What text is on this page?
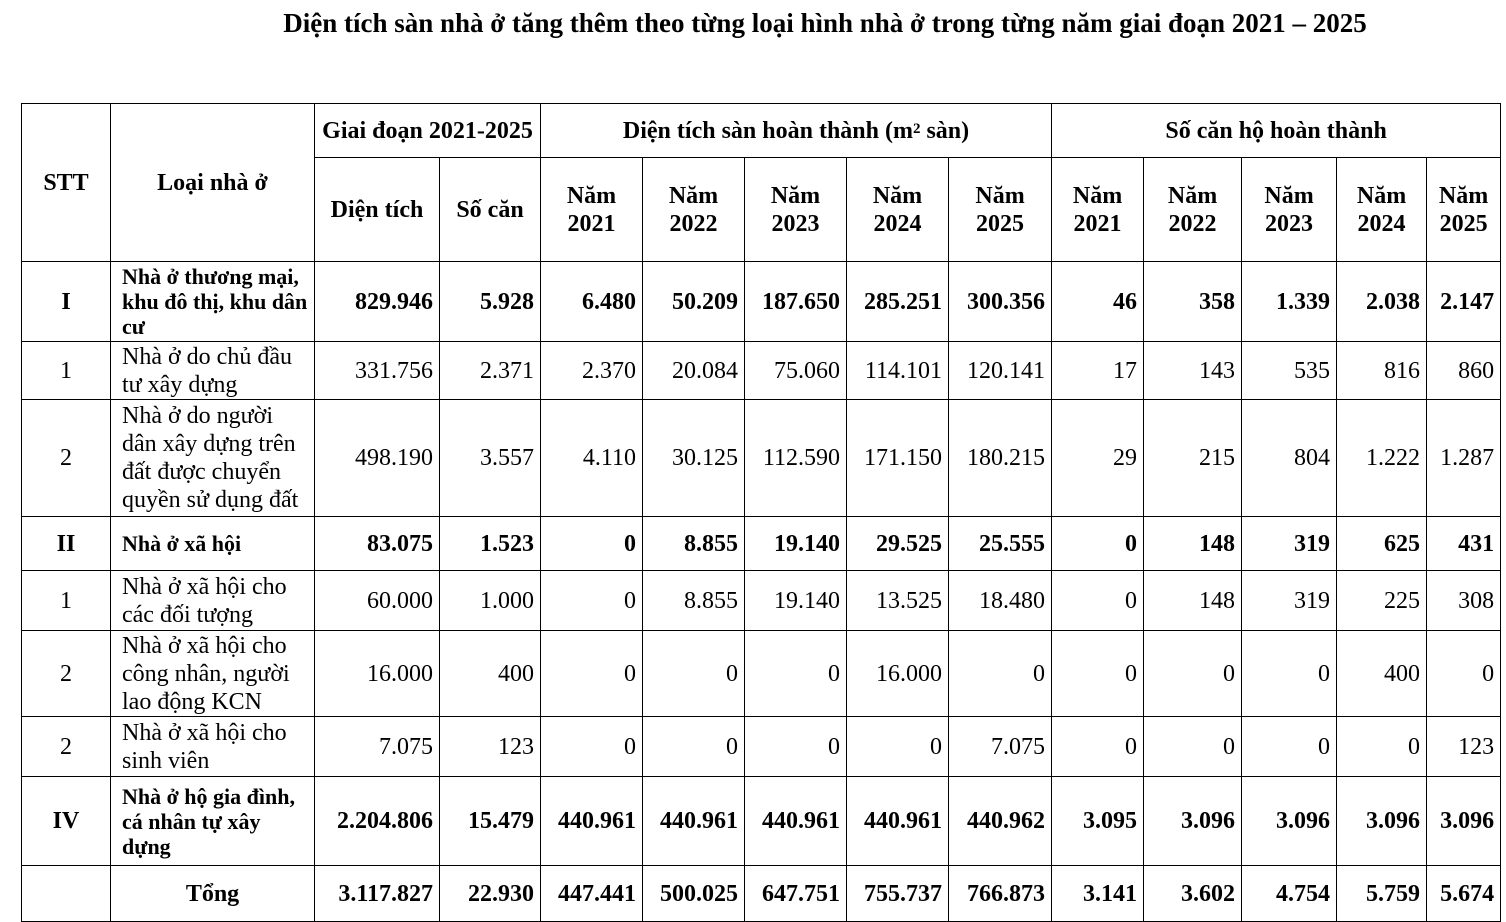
Diện tích sàn nhà ở tăng thêm theo từng loại hình nhà ở trong từng năm giai đoạn 2021 – 2025
STT	Loại nhà ở	Giai đoạn 2021-2025		Diện tích sàn hoàn thành ($m^2$ sàn)					Số căn hộ hoàn thành				
		Diện tích	Số căn	Năm 2021	Năm 2022	Năm 2023	Năm 2024	Năm 2025	Năm 2021	Năm 2022	Năm 2023	Năm 2024	Năm 2025
I	Nhà ở thương mại, khu đô thị, khu dân cư	829.946	5.928	6.480	50.209	187.650	285.251	300.356	46	358	1.339	2.038	2.147
1	Nhà ở do chủ đầu tư xây dựng	331.756	2.371	2.370	20.084	75.060	114.101	120.141	17	143	535	816	860
2	Nhà ở do người dân xây dựng trên đất được chuyển quyền sử dụng đất	498.190	3.557	4.110	30.125	112.590	171.150	180.215	29	215	804	1.222	1.287
II	Nhà ở xã hội	83.075	1.523	0	8.855	19.140	29.525	25.555	0	148	319	625	431
1	Nhà ở xã hội cho các đối tượng	60.000	1.000	0	8.855	19.140	13.525	18.480	0	148	319	225	308
2	Nhà ở xã hội cho công nhân, người lao động KCN	16.000	400	0	0	0	16.000	0	0	0	0	400	0
2	Nhà ở xã hội cho sinh viên	7.075	123	0	0	0	0	7.075	0	0	0	0	123
IV	Nhà ở hộ gia đình, cá nhân tự xây dựng	2.204.806	15.479	440.961	440.961	440.961	440.961	440.962	3.095	3.096	3.096	3.096	3.096
	Tổng	3.117.827	22.930	447.441	500.025	647.751	755.737	766.873	3.141	3.602	4.754	5.759	5.674
